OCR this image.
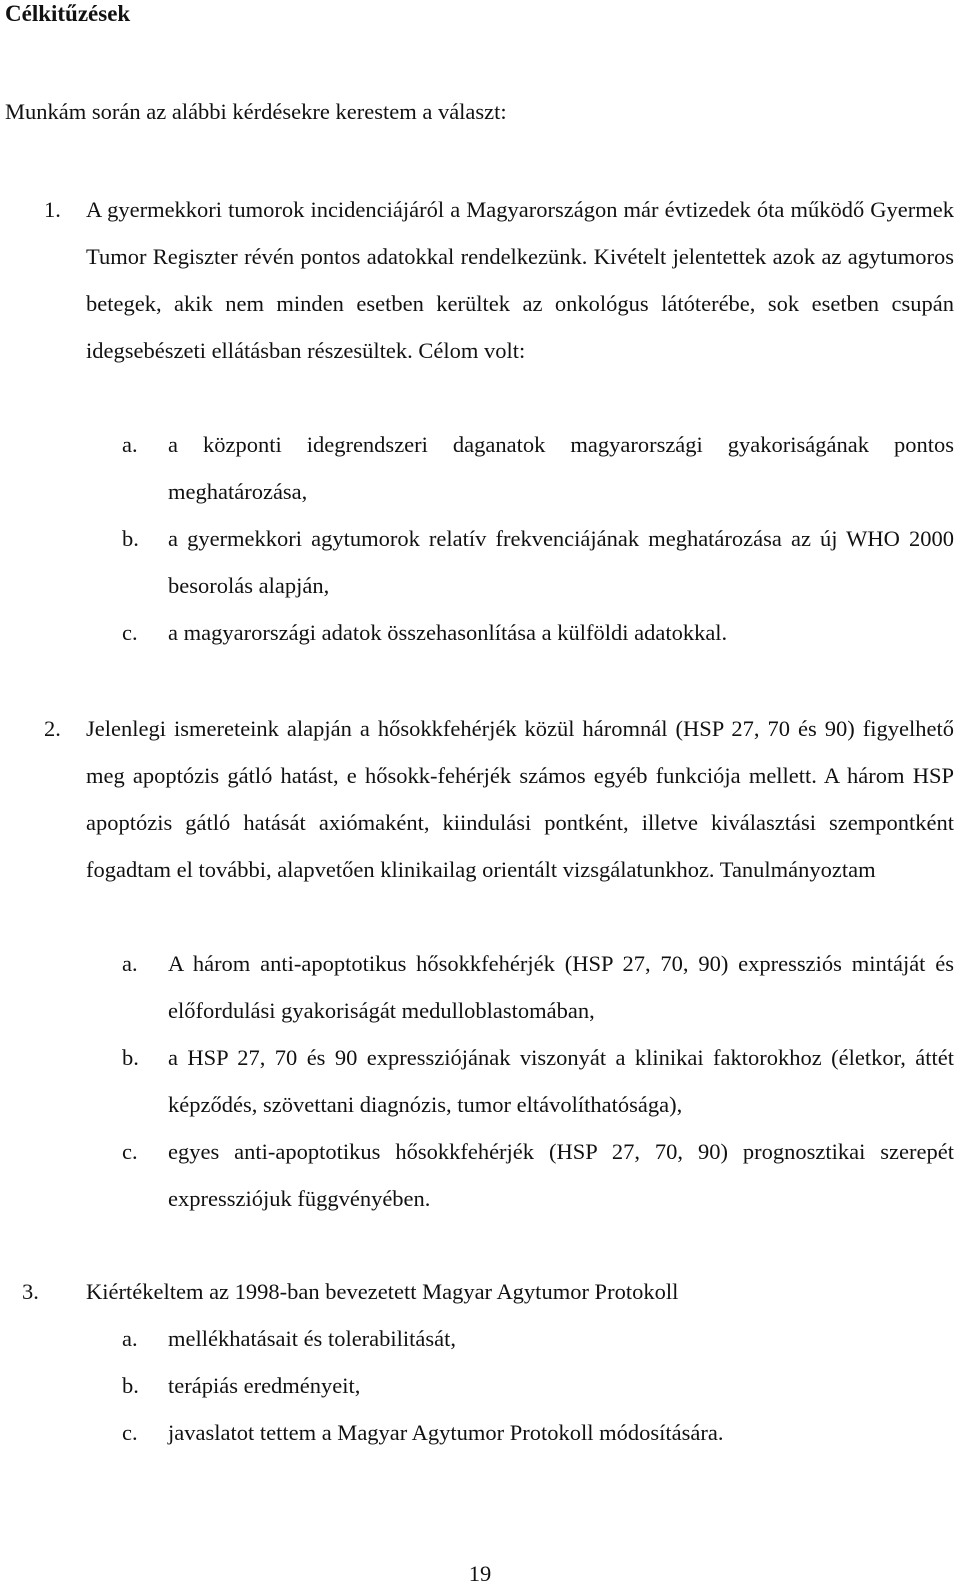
Célkitűzések
Munkám során az alábbi kérdésekre kerestem a választ:
1. A gyermekkori tumorok incidenciájáról a Magyarországon már évtizedek óta működő Gyermek Tumor Regiszter révén pontos adatokkal rendelkezünk. Kivételt jelentettek azok az agytumoros betegek, akik nem minden esetben kerültek az onkológus látóterébe, sok esetben csupán idegsebészeti ellátásban részesültek. Célom volt:
a. a központi idegrendszeri daganatok magyarországi gyakoriságának pontos meghatározása,
b. a gyermekkori agytumorok relatív frekvenciájának meghatározása az új WHO 2000 besorolás alapján,
c. a magyarországi adatok összehasonlítása a külföldi adatokkal.
2. Jelenlegi ismereteink alapján a hősokkfehérjék közül háromnál (HSP 27, 70 és 90) figyelhető meg apoptózis gátló hatást, e hősokk-fehérjék számos egyéb funkciója mellett. A három HSP apoptózis gátló hatását axiómaként, kiindulási pontként, illetve kiválasztási szempontként fogadtam el további, alapvetően klinikailag orientált vizsgálatunkhoz. Tanulmányoztam
a. A három anti-apoptotikus hősokkfehérjék (HSP 27, 70, 90) expressziós mintáját és előfordulási gyakoriságát medulloblastomában,
b. a HSP 27, 70 és 90 expressziójának viszonyát a klinikai faktorokhoz (életkor, áttét képződés, szövettani diagnózis, tumor eltávolíthatósága),
c. egyes anti-apoptotikus hősokkfehérjék (HSP 27, 70, 90) prognosztikai szerepét expressziójuk függvényében.
3. Kiértékeltem az 1998-ban bevezetett Magyar Agytumor Protokoll
a. mellékhatásait és tolerabilitását,
b. terápiás eredményeit,
c. javaslatot tettem a Magyar Agytumor Protokoll módosítására.
19
